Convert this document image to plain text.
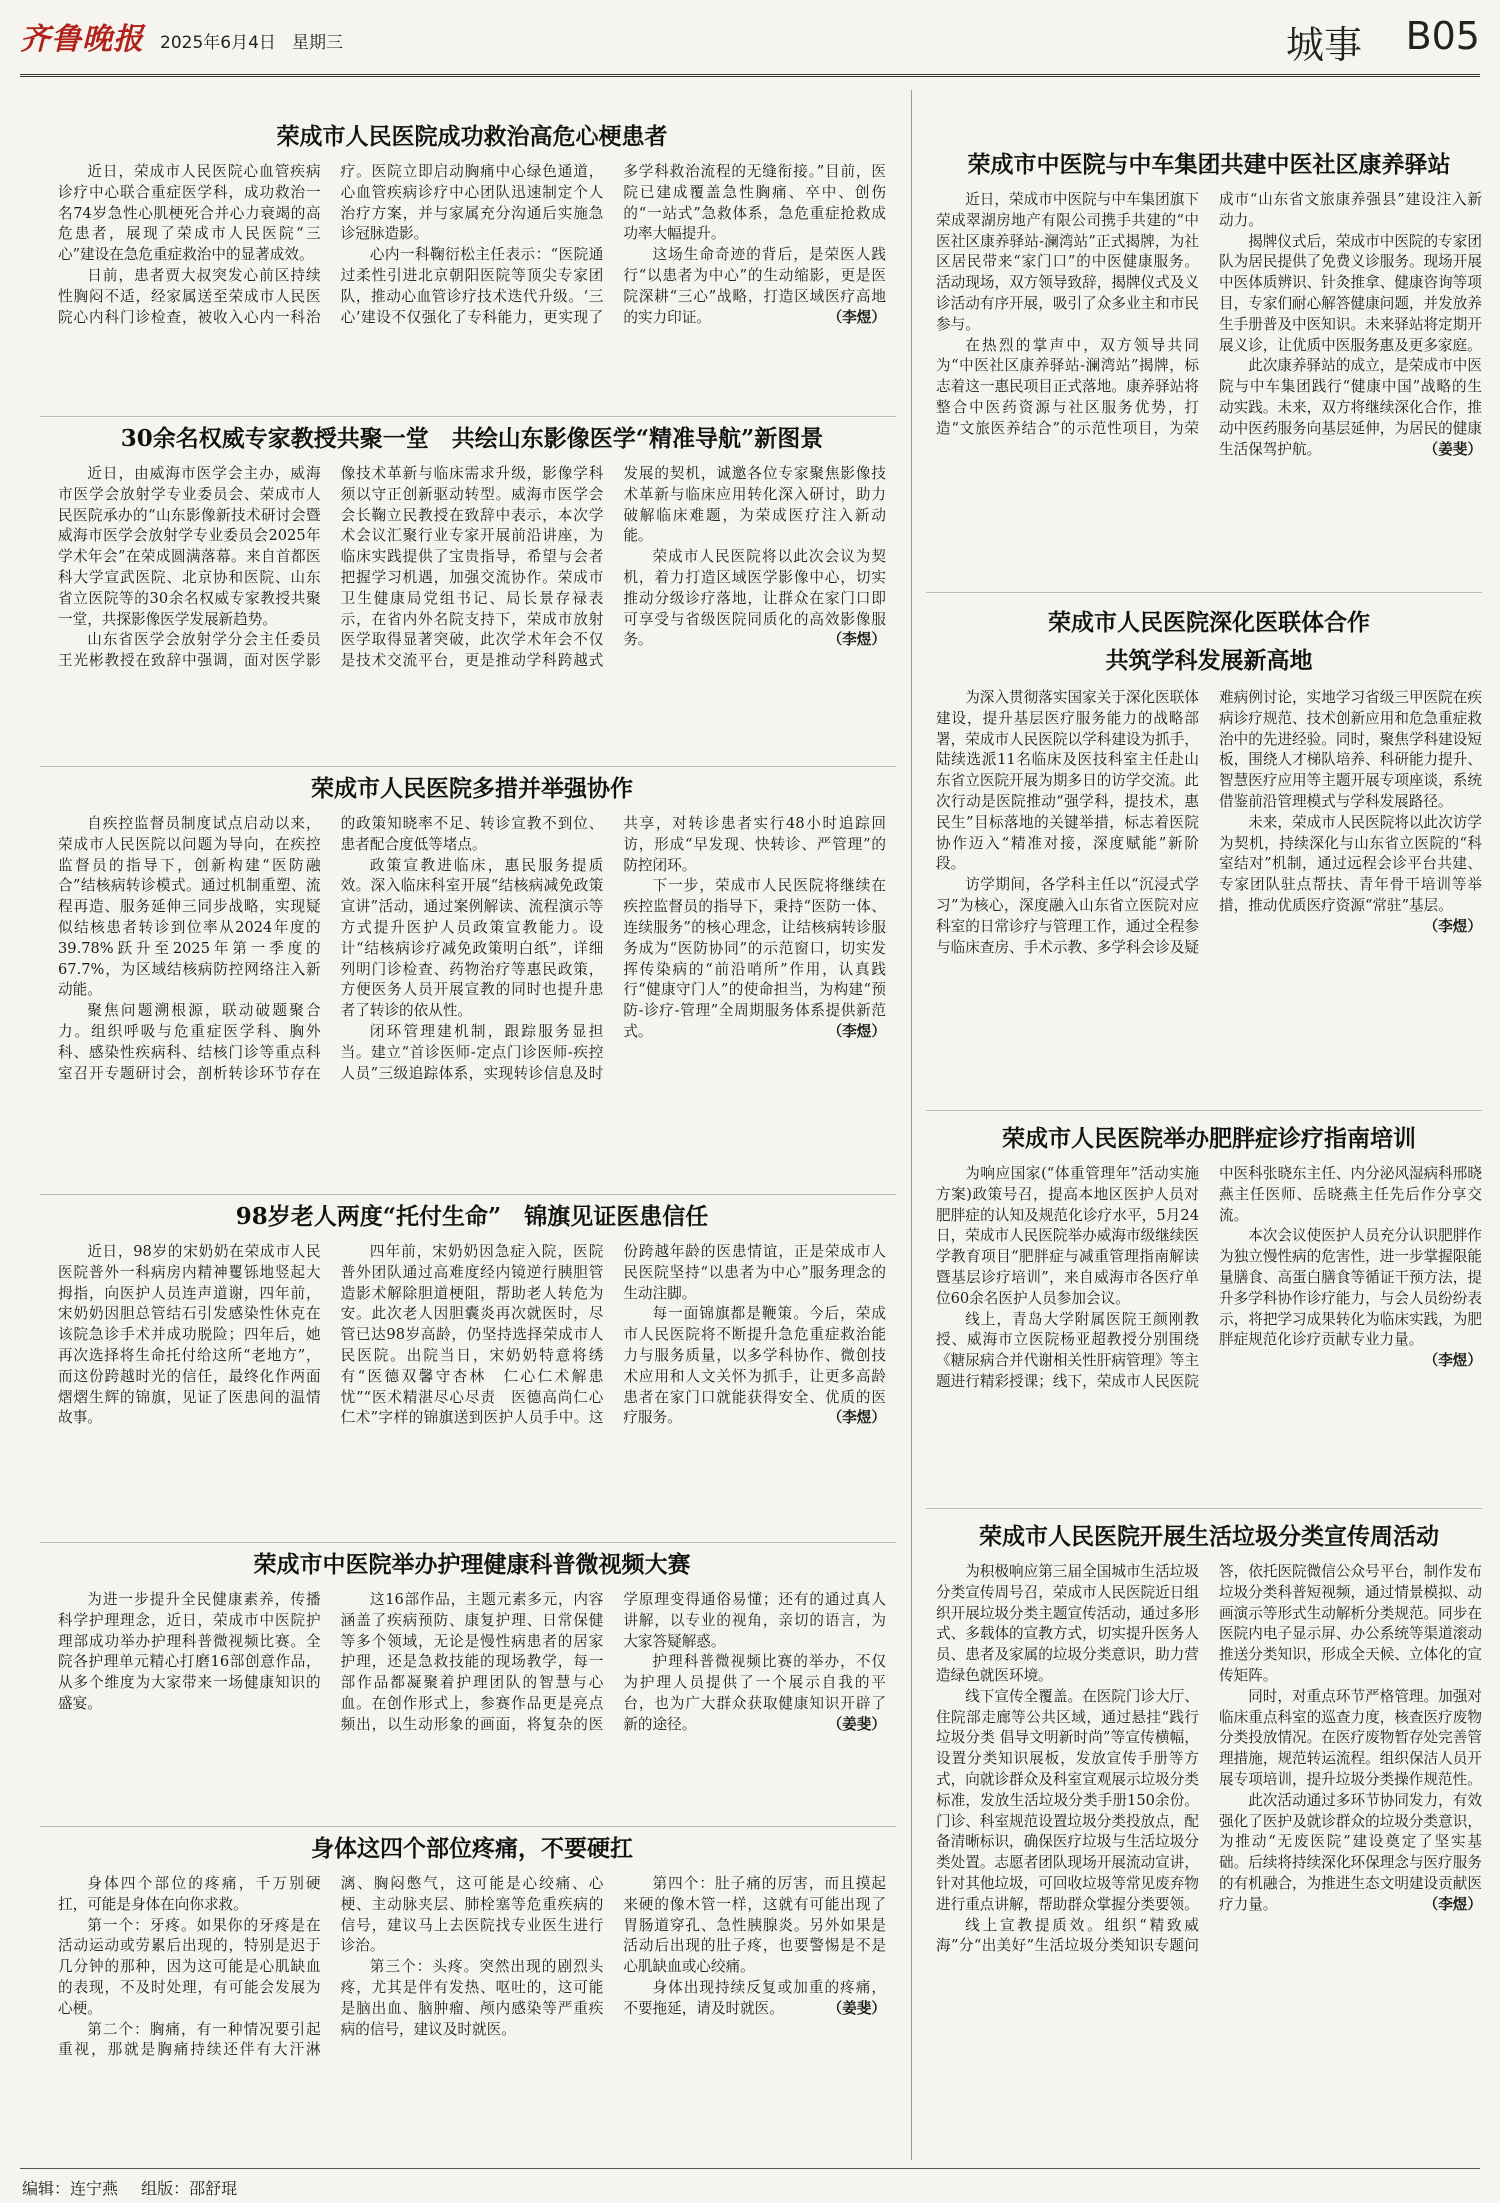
齐鲁晚报 2025年6月4日 星期三	城事 B05
荣成市人民医院成功救治高危心梗患者

近日，荣成市人民医院心血管疾病诊疗中心联合重症医学科，成功救治一名74岁急性心肌梗死合并心力衰竭的高危患者，展现了荣成市人民医院“三心”建设在急危重症救治中的显著成效。

日前，患者贾大叔突发心前区持续性胸闷不适，经家属送至荣成市人民医院心内科门诊检查，被收入心内一科治疗。医院立即启动胸痛中心绿色通道，心血管疾病诊疗中心团队迅速制定个人治疗方案，并与家属充分沟通后实施急诊冠脉造影。

心内一科鞠衍松主任表示：“医院通过柔性引进北京朝阳医院等顶尖专家团队，推动心血管诊疗技术迭代升级。‘三心’建设不仅强化了专科能力，更实现了多学科救治流程的无缝衔接。”目前，医院已建成覆盖急性胸痛、卒中、创伤的“一站式”急救体系，急危重症抢救成功率大幅提升。

这场生命奇迹的背后，是荣医人践行“以患者为中心”的生动缩影，更是医院深耕“三心”战略，打造区域医疗高地的实力印证。	（李煜）

30余名权威专家教授共聚一堂　共绘山东影像医学“精准导航”新图景

近日，由威海市医学会主办，威海市医学会放射学专业委员会、荣成市人民医院承办的“山东影像新技术研讨会暨威海市医学会放射学专业委员会2025年学术年会”在荣成圆满落幕。来自首都医科大学宣武医院、北京协和医院、山东省立医院等的30余名权威专家教授共聚一堂，共探影像医学发展新趋势。

山东省医学会放射学分会主任委员王光彬教授在致辞中强调，面对医学影像技术革新与临床需求升级，影像学科须以守正创新驱动转型。威海市医学会会长鞠立民教授在致辞中表示，本次学术会议汇聚行业专家开展前沿讲座，为临床实践提供了宝贵指导，希望与会者把握学习机遇，加强交流协作。荣成市卫生健康局党组书记、局长景存禄表示，在省内外名院支持下，荣成市放射医学取得显著突破，此次学术年会不仅是技术交流平台，更是推动学科跨越式发展的契机，诚邀各位专家聚焦影像技术革新与临床应用转化深入研讨，助力破解临床难题，为荣成医疗注入新动能。

荣成市人民医院将以此次会议为契机，着力打造区域医学影像中心，切实推动分级诊疗落地，让群众在家门口即可享受与省级医院同质化的高效影像服务。	（李煜）

荣成市人民医院多措并举强协作

自疾控监督员制度试点启动以来，荣成市人民医院以问题为导向，在疾控监督员的指导下，创新构建“医防融合”结核病转诊模式。通过机制重塑、流程再造、服务延伸三同步战略，实现疑似结核患者转诊到位率从2024年度的39.78%跃升至2025年第一季度的67.7%，为区域结核病防控网络注入新动能。

聚焦问题溯根源，联动破题聚合力。组织呼吸与危重症医学科、胸外科、感染性疾病科、结核门诊等重点科室召开专题研讨会，剖析转诊环节存在的政策知晓率不足、转诊宣教不到位、患者配合度低等堵点。

政策宣教进临床，惠民服务提质效。深入临床科室开展“结核病减免政策宣讲”活动，通过案例解读、流程演示等方式提升医护人员政策宣教能力。设计“结核病诊疗减免政策明白纸”，详细列明门诊检查、药物治疗等惠民政策，方便医务人员开展宣教的同时也提升患者了转诊的依从性。

闭环管理建机制，跟踪服务显担当。建立“首诊医师-定点门诊医师-疾控人员”三级追踪体系，实现转诊信息及时共享，对转诊患者实行48小时追踪回访，形成“早发现、快转诊、严管理”的防控闭环。

下一步，荣成市人民医院将继续在疾控监督员的指导下，秉持“医防一体、连续服务”的核心理念，让结核病转诊服务成为“医防协同”的示范窗口，切实发挥传染病的“前沿哨所”作用，认真践行“健康守门人”的使命担当，为构建“预防-诊疗-管理”全周期服务体系提供新范式。	（李煜）

98岁老人两度“托付生命”　锦旗见证医患信任

近日，98岁的宋奶奶在荣成市人民医院普外一科病房内精神矍铄地竖起大拇指，向医护人员连声道谢，四年前，宋奶奶因胆总管结石引发感染性休克在该院急诊手术并成功脱险；四年后，她再次选择将生命托付给这所“老地方”，而这份跨越时光的信任，最终化作两面熠熠生辉的锦旗，见证了医患间的温情故事。

四年前，宋奶奶因急症入院，医院普外团队通过高难度经内镜逆行胰胆管造影术解除胆道梗阻，帮助老人转危为安。此次老人因胆囊炎再次就医时，尽管已达98岁高龄，仍坚持选择荣成市人民医院。出院当日，宋奶奶特意将绣有“医德双馨守杏林　仁心仁术解患忧”“医术精湛尽心尽责　医德高尚仁心仁术”字样的锦旗送到医护人员手中。这份跨越年龄的医患情谊，正是荣成市人民医院坚持“以患者为中心”服务理念的生动注脚。

每一面锦旗都是鞭策。今后，荣成市人民医院将不断提升急危重症救治能力与服务质量，以多学科协作、微创技术应用和人文关怀为抓手，让更多高龄患者在家门口就能获得安全、优质的医疗服务。	（李煜）

荣成市中医院举办护理健康科普微视频大赛

为进一步提升全民健康素养，传播科学护理理念，近日，荣成市中医院护理部成功举办护理科普微视频比赛。全院各护理单元精心打磨16部创意作品，从多个维度为大家带来一场健康知识的盛宴。

这16部作品，主题元素多元，内容涵盖了疾病预防、康复护理、日常保健等多个领域，无论是慢性病患者的居家护理，还是急救技能的现场教学，每一部作品都凝聚着护理团队的智慧与心血。在创作形式上，参赛作品更是亮点频出，以生动形象的画面，将复杂的医学原理变得通俗易懂；还有的通过真人讲解，以专业的视角，亲切的语言，为大家答疑解惑。

护理科普微视频比赛的举办，不仅为护理人员提供了一个展示自我的平台，也为广大群众获取健康知识开辟了新的途径。	（姜斐）

身体这四个部位疼痛，不要硬扛

身体四个部位的疼痛，千万别硬扛，可能是身体在向你求救。

第一个：牙疼。如果你的牙疼是在活动运动或劳累后出现的，特别是迟于几分钟的那种，因为这可能是心肌缺血的表现，不及时处理，有可能会发展为心梗。

第二个：胸痛，有一种情况要引起重视，那就是胸痛持续还伴有大汗淋漓、胸闷憋气，这可能是心绞痛、心梗、主动脉夹层、肺栓塞等危重疾病的信号，建议马上去医院找专业医生进行诊治。

第三个：头疼。突然出现的剧烈头疼，尤其是伴有发热、呕吐的，这可能是脑出血、脑肿瘤、颅内感染等严重疾病的信号，建议及时就医。

第四个：肚子痛的厉害，而且摸起来硬的像木管一样，这就有可能出现了胃肠道穿孔、急性胰腺炎。另外如果是活动后出现的肚子疼，也要警惕是不是心肌缺血或心绞痛。

身体出现持续反复或加重的疼痛，不要拖延，请及时就医。	（姜斐）

荣成市中医院与中车集团共建中医社区康养驿站

近日，荣成市中医院与中车集团旗下荣成翠湖房地产有限公司携手共建的“中医社区康养驿站-澜湾站”正式揭牌，为社区居民带来“家门口”的中医健康服务。活动现场，双方领导致辞，揭牌仪式及义诊活动有序开展，吸引了众多业主和市民参与。

在热烈的掌声中，双方领导共同为“中医社区康养驿站-澜湾站”揭牌，标志着这一惠民项目正式落地。康养驿站将整合中医药资源与社区服务优势，打造“文旅医养结合”的示范性项目，为荣成市“山东省文旅康养强县”建设注入新动力。

揭牌仪式后，荣成市中医院的专家团队为居民提供了免费义诊服务。现场开展中医体质辨识、针灸推拿、健康咨询等项目，专家们耐心解答健康问题，并发放养生手册普及中医知识。未来驿站将定期开展义诊，让优质中医服务惠及更多家庭。

此次康养驿站的成立，是荣成市中医院与中车集团践行“健康中国”战略的生动实践。未来，双方将继续深化合作，推动中医药服务向基层延伸，为居民的健康生活保驾护航。	（姜斐）

荣成市人民医院深化医联体合作
共筑学科发展新高地

为深入贯彻落实国家关于深化医联体建设，提升基层医疗服务能力的战略部署，荣成市人民医院以学科建设为抓手，陆续选派11名临床及医技科室主任赴山东省立医院开展为期多日的访学交流。此次行动是医院推动“强学科，提技术，惠民生”目标落地的关键举措，标志着医院协作迈入“精准对接，深度赋能”新阶段。

访学期间，各学科主任以“沉浸式学习”为核心，深度融入山东省立医院对应科室的日常诊疗与管理工作，通过全程参与临床查房、手术示教、多学科会诊及疑难病例讨论，实地学习省级三甲医院在疾病诊疗规范、技术创新应用和危急重症救治中的先进经验。同时，聚焦学科建设短板，围绕人才梯队培养、科研能力提升、智慧医疗应用等主题开展专项座谈，系统借鉴前沿管理模式与学科发展路径。

未来，荣成市人民医院将以此次访学为契机，持续深化与山东省立医院的“科室结对”机制，通过远程会诊平台共建、专家团队驻点帮扶、青年骨干培训等举措，推动优质医疗资源“常驻”基层。
（李煜）

荣成市人民医院举办肥胖症诊疗指南培训

为响应国家(“体重管理年”活动实施方案)政策号召，提高本地区医护人员对肥胖症的认知及规范化诊疗水平，5月24日，荣成市人民医院举办威海市级继续医学教育项目“肥胖症与减重管理指南解读暨基层诊疗培训”，来自威海市各医疗单位60余名医护人员参加会议。

线上，青岛大学附属医院王颜刚教授、威海市立医院杨亚超教授分别围绕《糖尿病合并代谢相关性肝病管理》等主题进行精彩授课；线下，荣成市人民医院中医科张晓东主任、内分泌风湿病科邢晓燕主任医师、岳晓燕主任先后作分享交流。

本次会议使医护人员充分认识肥胖作为独立慢性病的危害性，进一步掌握限能量膳食、高蛋白膳食等循证干预方法，提升多学科协作诊疗能力，与会人员纷纷表示，将把学习成果转化为临床实践，为肥胖症规范化诊疗贡献专业力量。
（李煜）

荣成市人民医院开展生活垃圾分类宣传周活动

为积极响应第三届全国城市生活垃圾分类宣传周号召，荣成市人民医院近日组织开展垃圾分类主题宣传活动，通过多形式、多载体的宣教方式，切实提升医务人员、患者及家属的垃圾分类意识，助力营造绿色就医环境。

线下宣传全覆盖。在医院门诊大厅、住院部走廊等公共区域，通过悬挂“践行垃圾分类 倡导文明新时尚”等宣传横幅，设置分类知识展板，发放宣传手册等方式，向就诊群众及科室宣观展示垃圾分类标准，发放生活垃圾分类手册150余份。门诊、科室规范设置垃圾分类投放点，配备清晰标识，确保医疗垃圾与生活垃圾分类处置。志愿者团队现场开展流动宣讲，针对其他垃圾，可回收垃圾等常见废弃物进行重点讲解，帮助群众掌握分类要领。

线上宣教提质效。组织“精致威海”分“出美好”生活垃圾分类知识专题问答，依托医院微信公众号平台，制作发布垃圾分类科普短视频，通过情景模拟、动画演示等形式生动解析分类规范。同步在医院内电子显示屏、办公系统等渠道滚动推送分类知识，形成全天候、立体化的宣传矩阵。

同时，对重点环节严格管理。加强对临床重点科室的巡查力度，核查医疗废物分类投放情况。在医疗废物暂存处完善管理措施，规范转运流程。组织保洁人员开展专项培训，提升垃圾分类操作规范性。

此次活动通过多环节协同发力，有效强化了医护及就诊群众的垃圾分类意识，为推动“无废医院”建设奠定了坚实基础。后续将持续深化环保理念与医疗服务的有机融合，为推进生态文明建设贡献医疗力量。	（李煜）

编辑：连宁燕 组版：邵舒琨
